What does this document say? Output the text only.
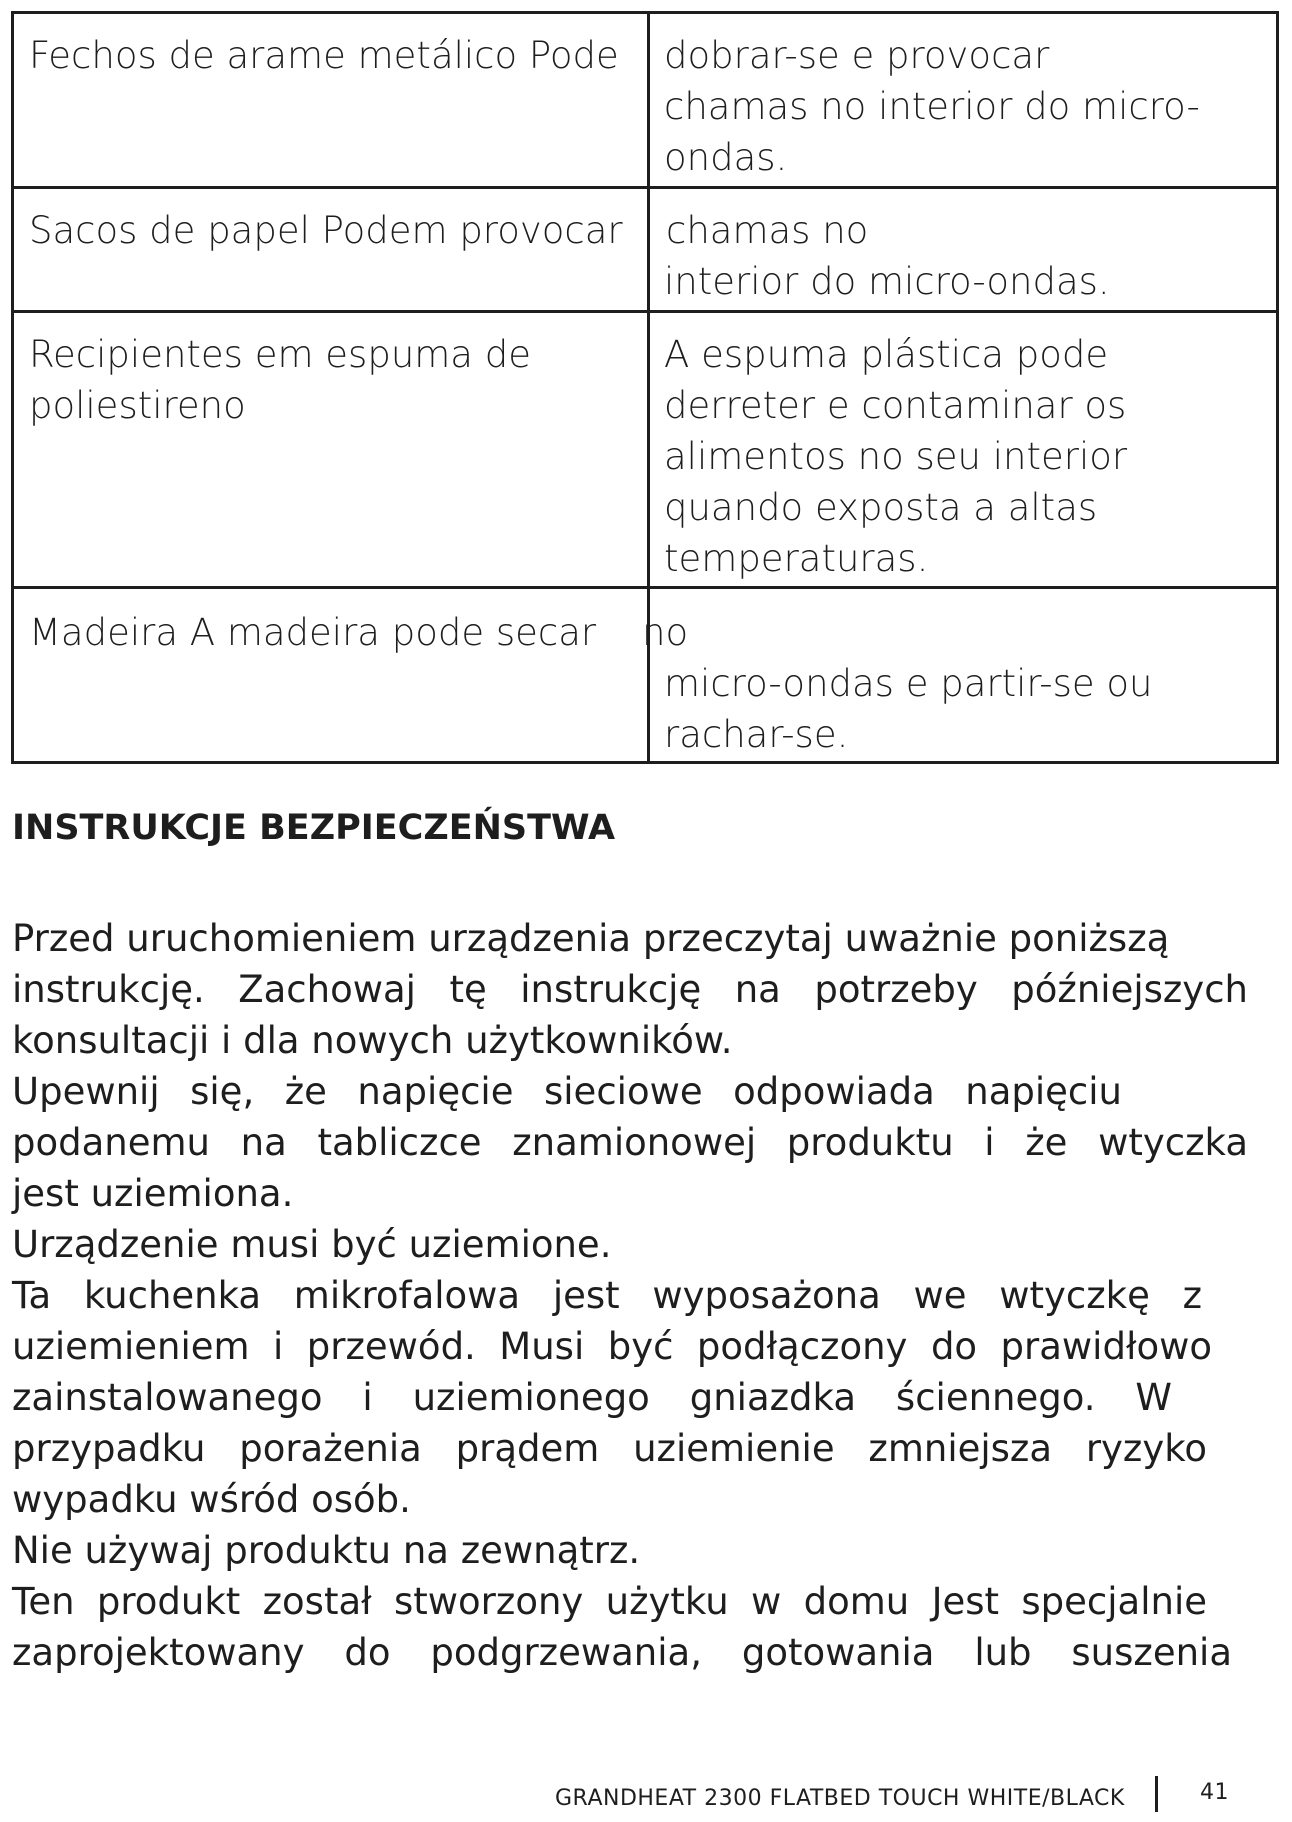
Fechos de arame metálico Pode dobrar-se e provocar
chamas no interior do micro-
ondas.
Sacos de papel Podem provocar chamas no
interior do micro-ondas.
Recipientes em espuma de
poliestireno
A espuma plástica pode
derreter e contaminar os
alimentos no seu interior
quando exposta a altas
temperaturas.
Madeira A madeira pode secar no
micro-ondas e partir-se ou
rachar-se.
INSTRUKCJE BEZPIECZEŃSTWA
Przed uruchomieniem urządzenia przeczytaj uważnie poniższą
instrukcję. Zachowaj tę instrukcję na potrzeby późniejszych
konsultacji i dla nowych użytkowników.
Upewnij się, że napięcie sieciowe odpowiada napięciu
podanemu na tabliczce znamionowej produktu i że wtyczka
jest uziemiona.
Urządzenie musi być uziemione.
Ta kuchenka mikrofalowa jest wyposażona we wtyczkę z
uziemieniem i przewód. Musi być podłączony do prawidłowo
zainstalowanego i uziemionego gniazdka ściennego. W
przypadku porażenia prądem uziemienie zmniejsza ryzyko
wypadku wśród osób.
Nie używaj produktu na zewnątrz.
Ten produkt został stworzony użytku w domu Jest specjalnie
zaprojektowany do podgrzewania, gotowania lub suszenia
GRANDHEAT 2300 FLATBED TOUCH WHITE/BLACK	41
